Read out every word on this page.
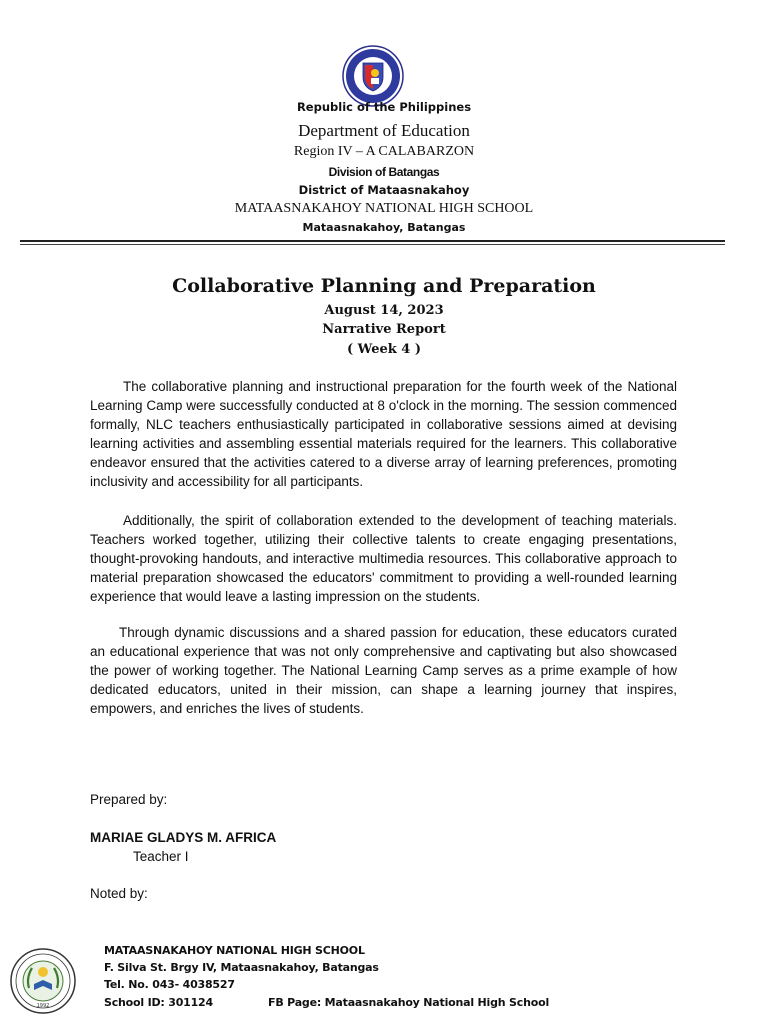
Republic of the Philippines
Department of Education
Region IV – A CALABARZON
Division of Batangas
District of Mataasnakahoy
MATAASNAKAHOY NATIONAL HIGH SCHOOL
Mataasnakahoy, Batangas
Collaborative Planning and Preparation
August 14, 2023
Narrative Report
( Week 4 )

The collaborative planning and instructional preparation for the fourth week of the National Learning Camp were successfully conducted at 8 o'clock in the morning. The session commenced formally, NLC teachers enthusiastically participated in collaborative sessions aimed at devising learning activities and assembling essential materials required for the learners. This collaborative endeavor ensured that the activities catered to a diverse array of learning preferences, promoting inclusivity and accessibility for all participants.

Additionally, the spirit of collaboration extended to the development of teaching materials. Teachers worked together, utilizing their collective talents to create engaging presentations, thought-provoking handouts, and interactive multimedia resources. This collaborative approach to material preparation showcased the educators' commitment to providing a well-rounded learning experience that would leave a lasting impression on the students.

Through dynamic discussions and a shared passion for education, these educators curated an educational experience that was not only comprehensive and captivating but also showcased the power of working together. The National Learning Camp serves as a prime example of how dedicated educators, united in their mission, can shape a learning journey that inspires, empowers, and enriches the lives of students.

Prepared by:
MARIAE GLADYS M. AFRICA
Teacher I
Noted by:
1992
MATAASNAKAHOY NATIONAL HIGH SCHOOL
F. Silva St. Brgy IV, Mataasnakahoy, Batangas
Tel. No. 043- 4038527
School ID: 301124	FB Page: Mataasnakahoy National High School
